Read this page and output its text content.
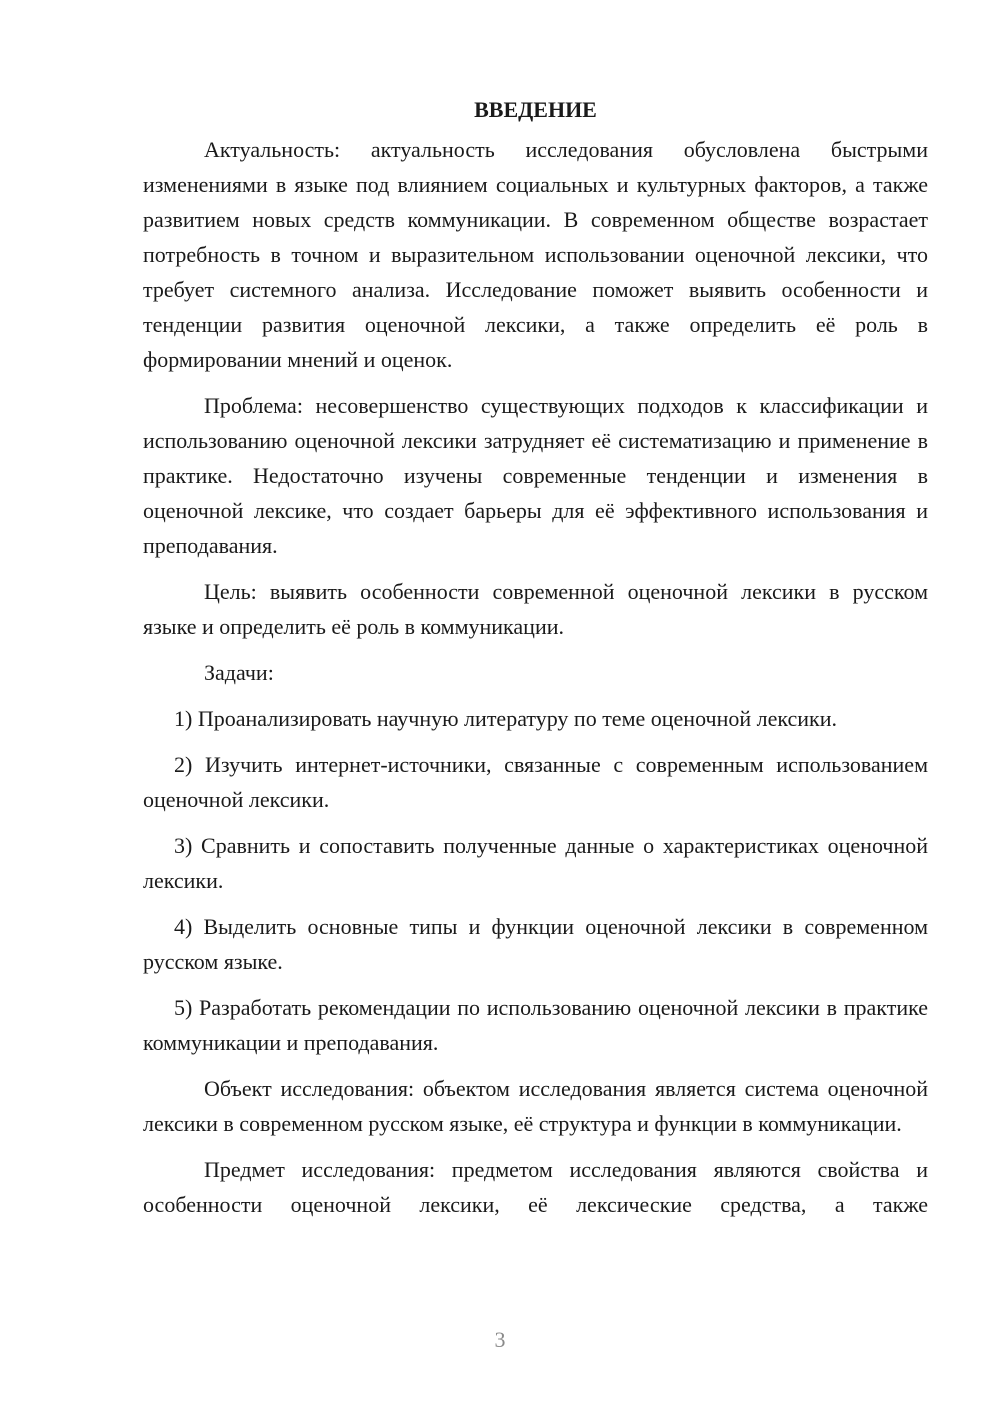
ВВЕДЕНИЕ

Актуальность: актуальность исследования обусловлена быстрыми изменениями в языке под влиянием социальных и культурных факторов, а также развитием новых средств коммуникации. В современном обществе возрастает потребность в точном и выразительном использовании оценочной лексики, что требует системного анализа. Исследование поможет выявить особенности и тенденции развития оценочной лексики, а также определить её роль в формировании мнений и оценок.

Проблема: несовершенство существующих подходов к классификации и использованию оценочной лексики затрудняет её систематизацию и применение в практике. Недостаточно изучены современные тенденции и изменения в оценочной лексике, что создает барьеры для её эффективного использования и преподавания.

Цель: выявить особенности современной оценочной лексики в русском языке и определить её роль в коммуникации.

Задачи:

1) Проанализировать научную литературу по теме оценочной лексики.

2) Изучить интернет-источники, связанные с современным использованием оценочной лексики.

3) Сравнить и сопоставить полученные данные о характеристиках оценочной лексики.

4) Выделить основные типы и функции оценочной лексики в современном русском языке.

5) Разработать рекомендации по использованию оценочной лексики в практике коммуникации и преподавания.

Объект исследования: объектом исследования является система оценочной лексики в современном русском языке, её структура и функции в коммуникации.

Предмет исследования: предметом исследования являются свойства и особенности оценочной лексики, её лексические средства, а также

3
